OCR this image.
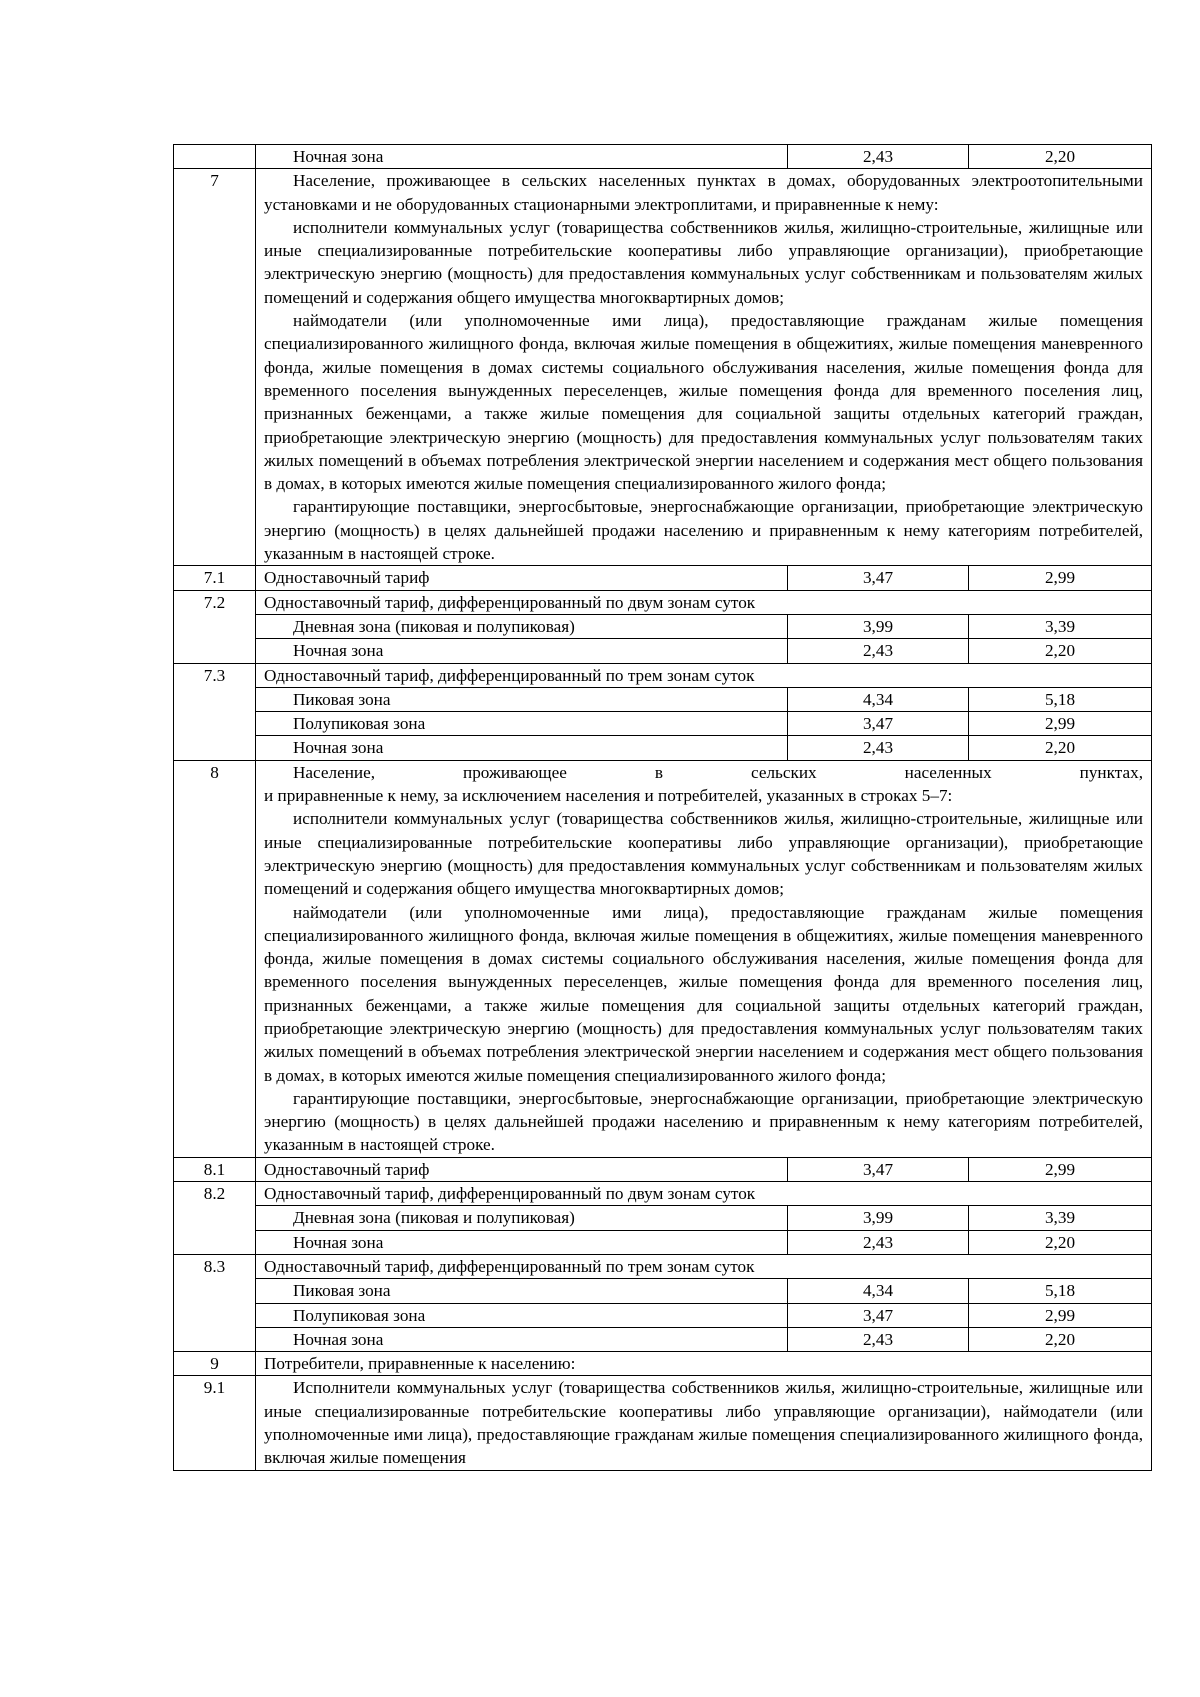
	Ночная зона	2,43	2,20
7	Население, проживающее в сельских населенных пунктах в домах, оборудованных электроотопительными установками и не оборудованных стационарными электроплитами, и приравненные к нему:

исполнители коммунальных услуг (товарищества собственников жилья, жилищно-строительные, жилищные или иные специализированные потребительские кооперативы либо управляющие организации), приобретающие электрическую энергию (мощность) для предоставления коммунальных услуг собственникам и пользователям жилых помещений и содержания общего имущества многоквартирных домов;

наймодатели (или уполномоченные ими лица), предоставляющие гражданам жилые помещения специализированного жилищного фонда, включая жилые помещения в общежитиях, жилые помещения маневренного фонда, жилые помещения в домах системы социального обслуживания населения, жилые помещения фонда для временного поселения вынужденных переселенцев, жилые помещения фонда для временного поселения лиц, признанных беженцами, а также жилые помещения для социальной защиты отдельных категорий граждан, приобретающие электрическую энергию (мощность) для предоставления коммунальных услуг пользователям таких жилых помещений в объемах потребления электрической энергии населением и содержания мест общего пользования в домах, в которых имеются жилые помещения специализированного жилого фонда;

гарантирующие поставщики, энергосбытовые, энергоснабжающие организации, приобретающие электрическую энергию (мощность) в целях дальнейшей продажи населению и приравненным к нему категориям потребителей, указанным в настоящей строке.		

7.1	Одноставочный тариф	3,47	2,99
7.2	Одноставочный тариф, дифференцированный по двум зонам суток		
	Дневная зона (пиковая и полупиковая)	3,99	3,39
	Ночная зона	2,43	2,20
7.3	Одноставочный тариф, дифференцированный по трем зонам суток		
	Пиковая зона	4,34	5,18
	Полупиковая зона	3,47	2,99
	Ночная зона	2,43	2,20
8	Население, проживающее в сельских населенных пунктах,

и приравненные к нему, за исключением населения и потребителей, указанных в строках 5–7:

исполнители коммунальных услуг (товарищества собственников жилья, жилищно-строительные, жилищные или иные специализированные потребительские кооперативы либо управляющие организации), приобретающие электрическую энергию (мощность) для предоставления коммунальных услуг собственникам и пользователям жилых помещений и содержания общего имущества многоквартирных домов;

наймодатели (или уполномоченные ими лица), предоставляющие гражданам жилые помещения специализированного жилищного фонда, включая жилые помещения в общежитиях, жилые помещения маневренного фонда, жилые помещения в домах системы социального обслуживания населения, жилые помещения фонда для временного поселения вынужденных переселенцев, жилые помещения фонда для временного поселения лиц, признанных беженцами, а также жилые помещения для социальной защиты отдельных категорий граждан, приобретающие электрическую энергию (мощность) для предоставления коммунальных услуг пользователям таких жилых помещений в объемах потребления электрической энергии населением и содержания мест общего пользования в домах, в которых имеются жилые помещения специализированного жилого фонда;

гарантирующие поставщики, энергосбытовые, энергоснабжающие организации, приобретающие электрическую энергию (мощность) в целях дальнейшей продажи населению и приравненным к нему категориям потребителей, указанным в настоящей строке.		

8.1	Одноставочный тариф	3,47	2,99
8.2	Одноставочный тариф, дифференцированный по двум зонам суток		
	Дневная зона (пиковая и полупиковая)	3,99	3,39
	Ночная зона	2,43	2,20
8.3	Одноставочный тариф, дифференцированный по трем зонам суток		
	Пиковая зона	4,34	5,18
	Полупиковая зона	3,47	2,99
	Ночная зона	2,43	2,20
9	Потребители, приравненные к населению:		
9.1	Исполнители коммунальных услуг (товарищества собственников жилья, жилищно-строительные, жилищные или иные специализированные потребительские кооперативы либо управляющие организации), наймодатели (или уполномоченные ими лица), предоставляющие гражданам жилые помещения специализированного жилищного фонда, включая жилые помещения		
